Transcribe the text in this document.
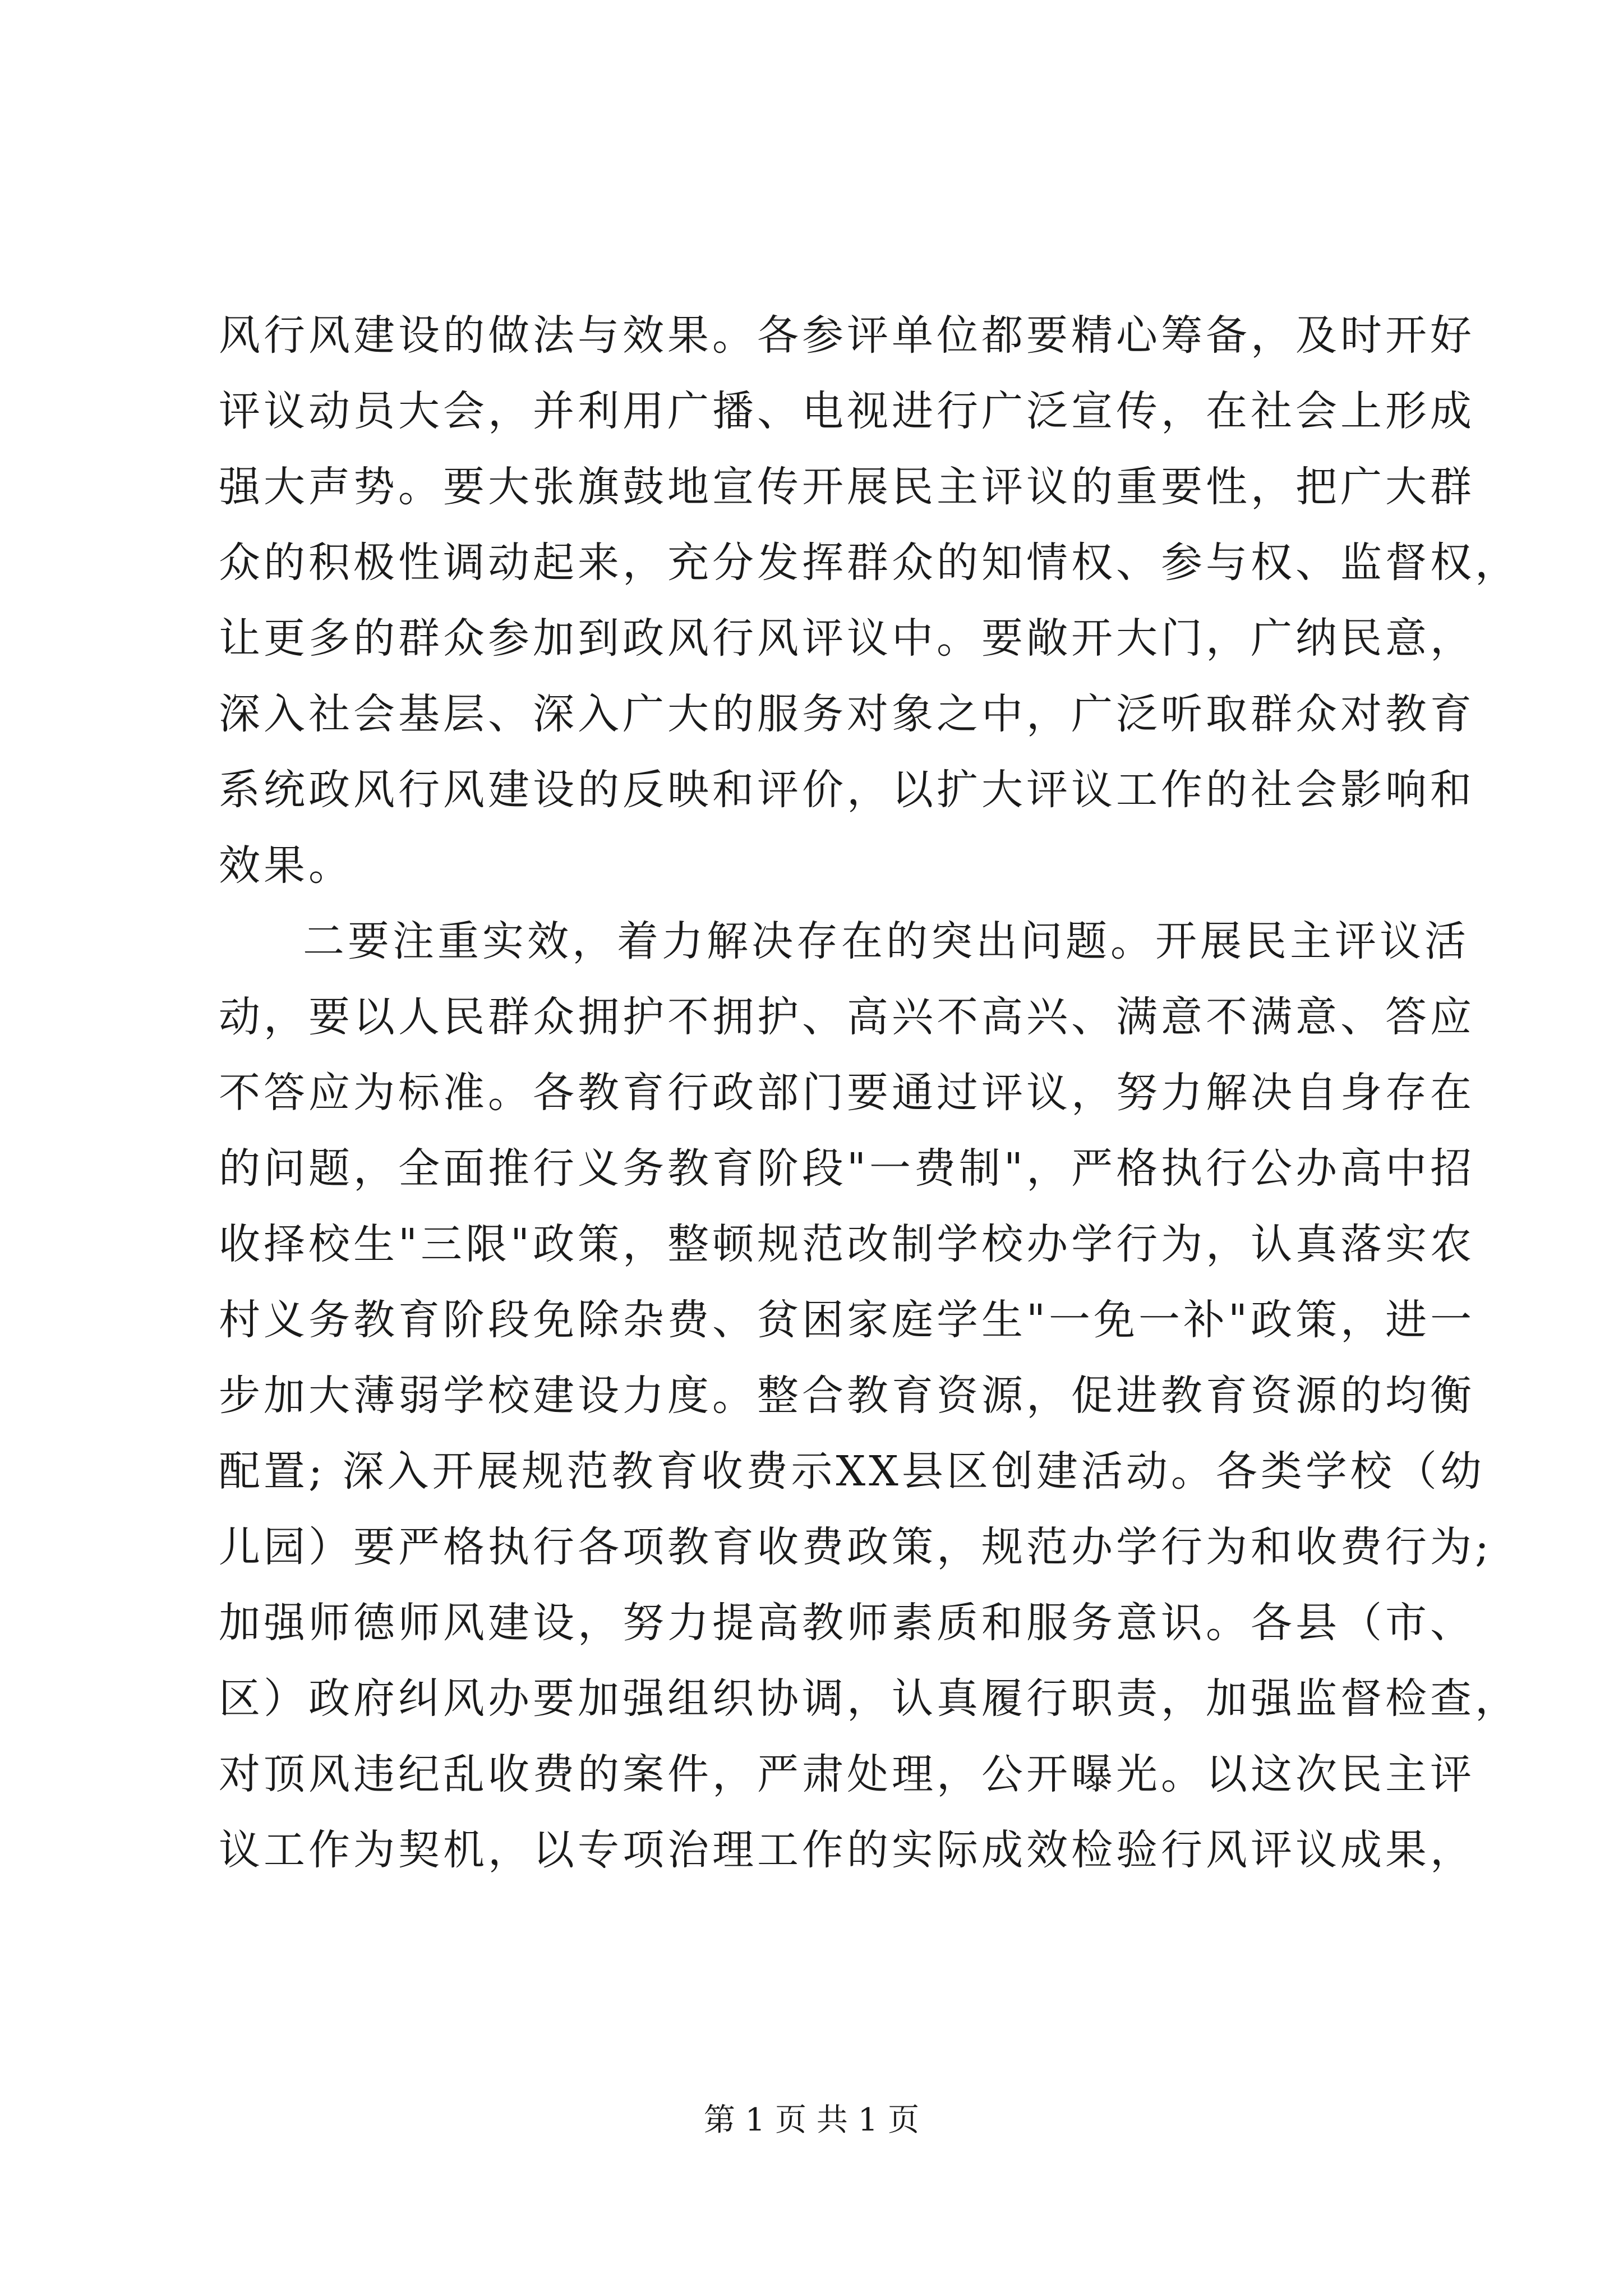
风行风建设的做法与效果。各参评单位都要精心筹备，及时开好
评议动员大会，并利用广播、电视进行广泛宣传，在社会上形成
强大声势。要大张旗鼓地宣传开展民主评议的重要性，把广大群
众的积极性调动起来，充分发挥群众的知情权、参与权、监督权，
让更多的群众参加到政风行风评议中。要敞开大门，广纳民意，
深入社会基层、深入广大的服务对象之中，广泛听取群众对教育
系统政风行风建设的反映和评价，以扩大评议工作的社会影响和
效果。
二要注重实效，着力解决存在的突出问题。开展民主评议活
动，要以人民群众拥护不拥护、高兴不高兴、满意不满意、答应
不答应为标准。各教育行政部门要通过评议，努力解决自身存在
的问题，全面推行义务教育阶段"一费制"，严格执行公办高中招
收择校生"三限"政策，整顿规范改制学校办学行为，认真落实农
村义务教育阶段免除杂费、贫困家庭学生"一免一补"政策，进一
步加大薄弱学校建设力度。整合教育资源，促进教育资源的均衡
配置; 深入开展规范教育收费示XX县区创建活动。各类学校（幼
儿园）要严格执行各项教育收费政策，规范办学行为和收费行为;
加强师德师风建设，努力提高教师素质和服务意识。各县（市、
区）政府纠风办要加强组织协调，认真履行职责，加强监督检查，
对顶风违纪乱收费的案件，严肃处理，公开曝光。以这次民主评
议工作为契机，以专项治理工作的实际成效检验行风评议成果，
第 1 页 共 1 页
